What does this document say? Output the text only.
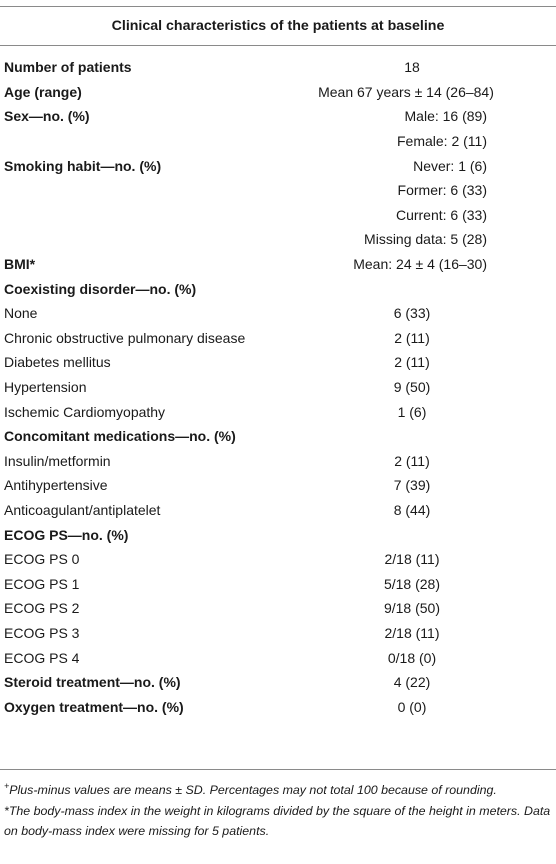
Clinical characteristics of the patients at baseline
Number of patients	18
Age (range)	Mean 67 years ± 14 (26–84)
Sex—no. (%)	Male: 16 (89)
Female: 2 (11)
Smoking habit—no. (%)	Never: 1 (6)
Former: 6 (33)
Current: 6 (33)
Missing data: 5 (28)
BMI*	Mean: 24 ± 4 (16–30)
Coexisting disorder—no. (%)
None	6 (33)
Chronic obstructive pulmonary disease	2 (11)
Diabetes mellitus	2 (11)
Hypertension	9 (50)
Ischemic Cardiomyopathy	1 (6)
Concomitant medications—no. (%)
Insulin/metformin	2 (11)
Antihypertensive	7 (39)
Anticoagulant/antiplatelet	8 (44)
ECOG PS—no. (%)
ECOG PS 0	2/18 (11)
ECOG PS 1	5/18 (28)
ECOG PS 2	9/18 (50)
ECOG PS 3	2/18 (11)
ECOG PS 4	0/18 (0)
Steroid treatment—no. (%)	4 (22)
Oxygen treatment—no. (%)	0 (0)

+Plus-minus values are means ± SD. Percentages may not total 100 because of rounding.

*The body-mass index in the weight in kilograms divided by the square of the height in meters. Data on body-mass index were missing for 5 patients.
